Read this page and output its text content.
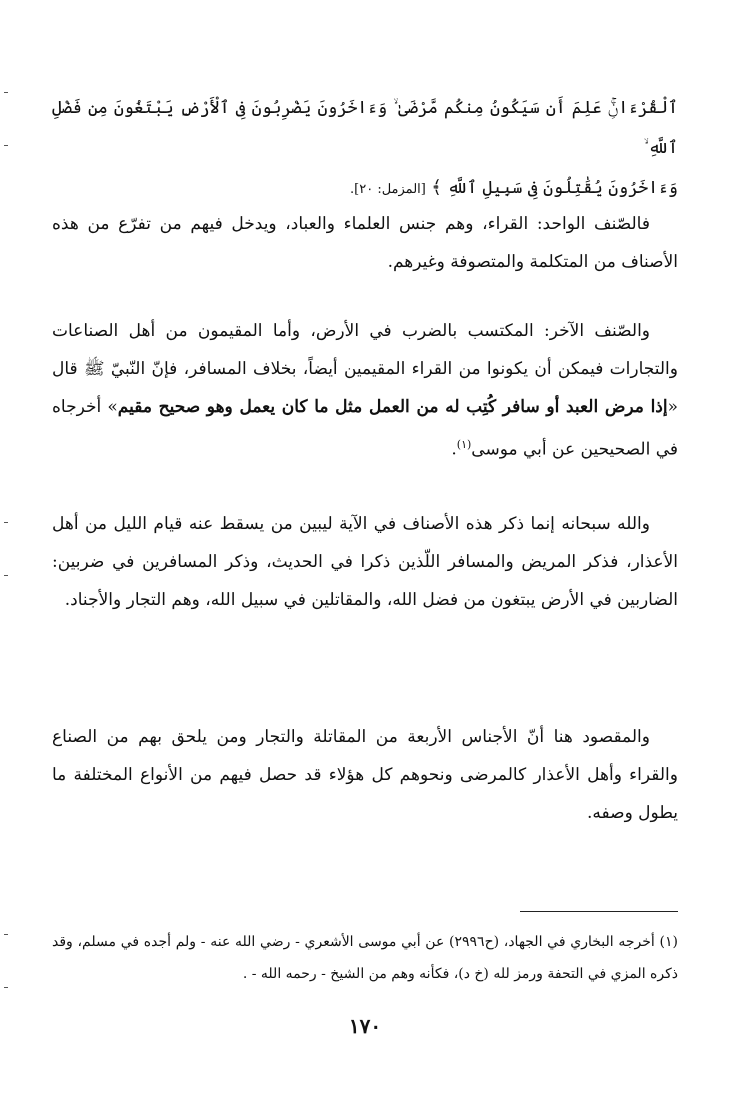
ٱلْقُرْءَانِۚ عَلِمَ أَن سَيَكُونُ مِنكُم مَّرْضَىٰ ۙ وَءَاخَرُونَ يَضْرِبُونَ فِى ٱلْأَرْضِ يَبْتَغُونَ مِن فَضْلِ ٱللَّهِ ۙ
وَءَاخَرُونَ يُقَٰتِلُونَ فِى سَبِيلِ ٱللَّهِ ﴾ [المزمل: ٢٠].

فالصّنف الواحد: القراء، وهم جنس العلماء والعباد، ويدخل فيهم من تفرّع من هذه الأصناف من المتكلمة والمتصوفة وغيرهم.

والصّنف الآخر: المكتسب بالضرب في الأرض، وأما المقيمون من أهل الصناعات والتجارات فيمكن أن يكونوا من القراء المقيمين أيضاً، بخلاف المسافر، فإنّ النّبيّ ﷺ قال «إذا مرض العبد أو سافر كُتِب له من العمل مثل ما كان يعمل وهو صحيح مقيم» أخرجاه في الصحيحين عن أبي موسى$^{(١)}$.

والله سبحانه إنما ذكر هذه الأصناف في الآية ليبين من يسقط عنه قيام الليل من أهل الأعذار، فذكر المريض والمسافر اللّذين ذكرا في الحديث، وذكر المسافرين في ضربين: الضاربين في الأرض يبتغون من فضل الله، والمقاتلين في سبيل الله، وهم التجار والأجناد.

والمقصود هنا أنّ الأجناس الأربعة من المقاتلة والتجار ومن يلحق بهم من الصناع والقراء وأهل الأعذار كالمرضى ونحوهم كل هؤلاء قد حصل فيهم من الأنواع المختلفة ما يطول وصفه.

(١) أخرجه البخاري في الجهاد، (ح٢٩٩٦) عن أبي موسى الأشعري - رضي الله عنه - ولم أجده في مسلم، وقد ذكره المزي في التحفة ورمز لله (خ د)، فكأنه وهم من الشيخ - رحمه الله - .
١٧٠
